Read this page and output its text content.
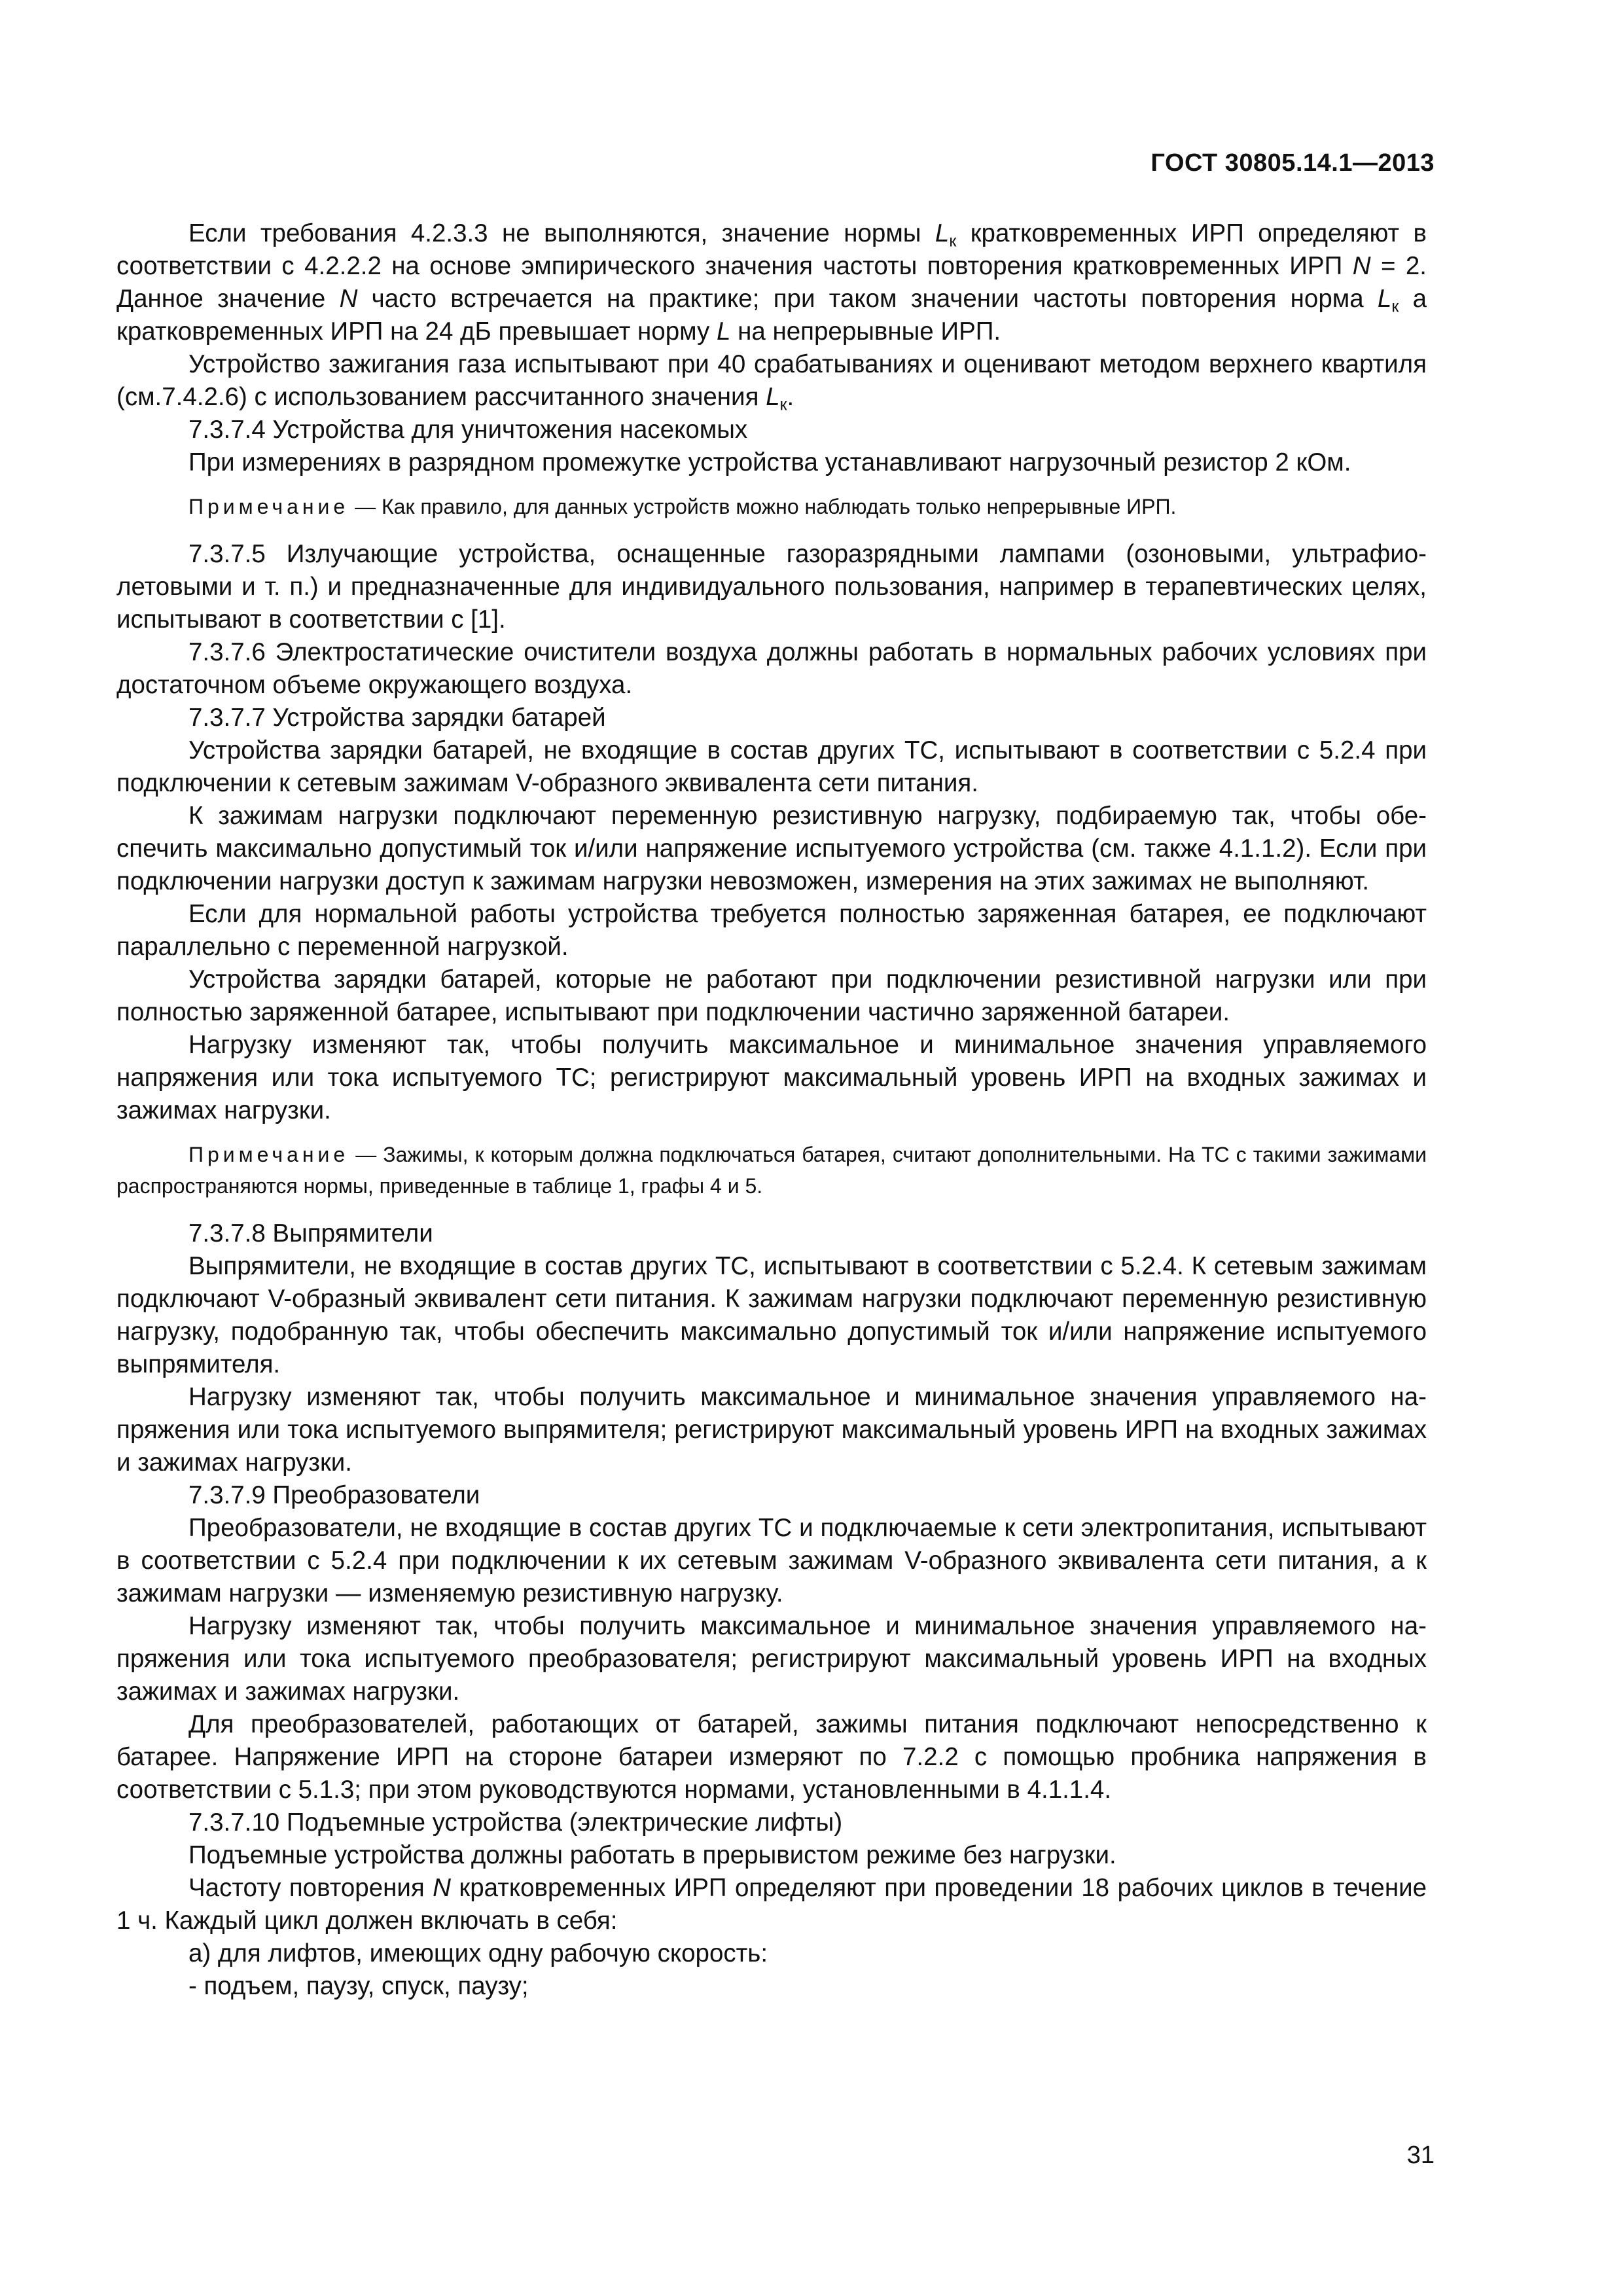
ГОСТ 30805.14.1—2013

Если требования 4.2.3.3 не выполняются, значение нормы $L_к$ кратковременных ИРП определяют в соответствии с 4.2.2.2 на основе эмпирического значения частоты повторения кратковременных ИРП N = 2. Данное значение N часто встречается на практике; при таком значении частоты повторения норма $L_к$ а кратковременных ИРП на 24 дБ превышает норму L на непрерывные ИРП.

Устройство зажигания газа испытывают при 40 срабатываниях и оценивают методом верхнего квартиля (см.7.4.2.6) с использованием рассчитанного значения $L_к$.

7.3.7.4 Устройства для уничтожения насекомых

При измерениях в разрядном промежутке устройства устанавливают нагрузочный резистор 2 кОм.

Примечание — Как правило, для данных устройств можно наблюдать только непрерывные ИРП.

7.3.7.5 Излучающие устройства, оснащенные газоразрядными лампами (озоновыми, ультрафиолетовыми и т. п.) и предназначенные для индивидуального пользования, например в терапевтических целях, испытывают в соответствии с [1].

7.3.7.6 Электростатические очистители воздуха должны работать в нормальных рабочих условиях при достаточном объеме окружающего воздуха.

7.3.7.7 Устройства зарядки батарей

Устройства зарядки батарей, не входящие в состав других ТС, испытывают в соответствии с 5.2.4 при подключении к сетевым зажимам V-образного эквивалента сети питания.

К зажимам нагрузки подключают переменную резистивную нагрузку, подбираемую так, чтобы обеспечить максимально допустимый ток и/или напряжение испытуемого устройства (см. также 4.1.1.2). Если при подключении нагрузки доступ к зажимам нагрузки невозможен, измерения на этих зажимах не выполняют.

Если для нормальной работы устройства требуется полностью заряженная батарея, ее подключают параллельно с переменной нагрузкой.

Устройства зарядки батарей, которые не работают при подключении резистивной нагрузки или при полностью заряженной батарее, испытывают при подключении частично заряженной батареи.

Нагрузку изменяют так, чтобы получить максимальное и минимальное значения управляемого напряжения или тока испытуемого ТС; регистрируют максимальный уровень ИРП на входных зажимах и зажимах нагрузки.

Примечание — Зажимы, к которым должна подключаться батарея, считают дополнительными. На ТС с такими зажимами распространяются нормы, приведенные в таблице 1, графы 4 и 5.

7.3.7.8 Выпрямители

Выпрямители, не входящие в состав других ТС, испытывают в соответствии с 5.2.4. К сетевым зажимам подключают V-образный эквивалент сети питания. К зажимам нагрузки подключают переменную резистивную нагрузку, подобранную так, чтобы обеспечить максимально допустимый ток и/или напряжение испытуемого выпрямителя.

Нагрузку изменяют так, чтобы получить максимальное и минимальное значения управляемого напряжения или тока испытуемого выпрямителя; регистрируют максимальный уровень ИРП на входных зажимах и зажимах нагрузки.

7.3.7.9 Преобразователи

Преобразователи, не входящие в состав других ТС и подключаемые к сети электропитания, испытывают в соответствии с 5.2.4 при подключении к их сетевым зажимам V-образного эквивалента сети питания, а к зажимам нагрузки — изменяемую резистивную нагрузку.

Нагрузку изменяют так, чтобы получить максимальное и минимальное значения управляемого напряжения или тока испытуемого преобразователя; регистрируют максимальный уровень ИРП на входных зажимах и зажимах нагрузки.

Для преобразователей, работающих от батарей, зажимы питания подключают непосредственно к батарее. Напряжение ИРП на стороне батареи измеряют по 7.2.2 с помощью пробника напряжения в соответствии с 5.1.3; при этом руководствуются нормами, установленными в 4.1.1.4.

7.3.7.10 Подъемные устройства (электрические лифты)

Подъемные устройства должны работать в прерывистом режиме без нагрузки.

Частоту повторения N кратковременных ИРП определяют при проведении 18 рабочих циклов в течение 1 ч. Каждый цикл должен включать в себя:

а) для лифтов, имеющих одну рабочую скорость:

- подъем, паузу, спуск, паузу;

31
